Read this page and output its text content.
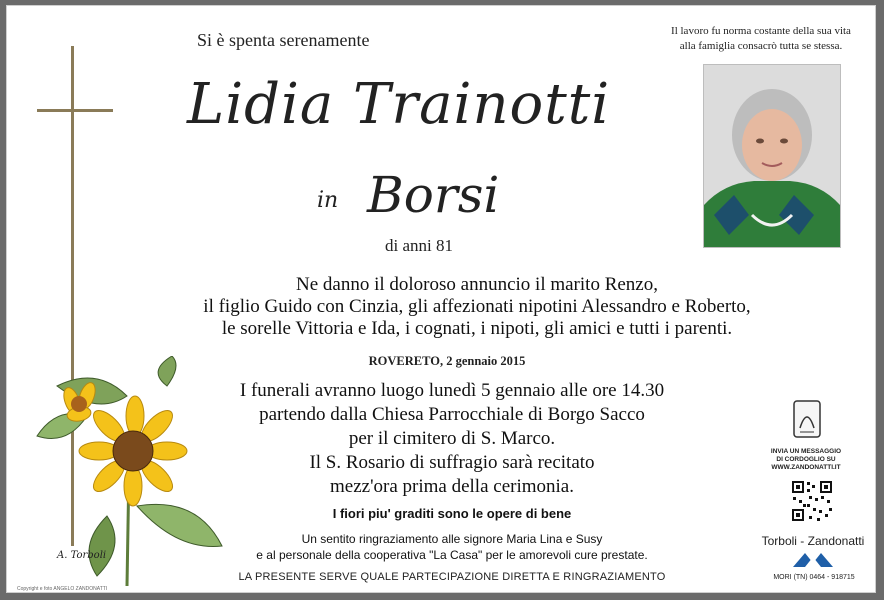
Si è spenta serenamente	Il lavoro fu norma costante della sua vita alla famiglia consacrò tutta se stessa.
Lidia Trainotti
in Borsi
di anni 81
Ne danno il doloroso annuncio il marito Renzo,
il figlio Guido con Cinzia, gli affezionati nipotini Alessandro e Roberto,
le sorelle Vittoria e Ida, i cognati, i nipoti, gli amici e tutti i parenti.
ROVERETO, 2 gennaio 2015
I funerali avranno luogo lunedì 5 gennaio alle ore 14.30
partendo dalla Chiesa Parrocchiale di Borgo Sacco
per il cimitero di S. Marco.
Il S. Rosario di suffragio sarà recitato
mezz'ora prima della cerimonia.
I fiori piu' graditi sono le opere di bene
Un sentito ringraziamento alle signore Maria Lina e Susy
e al personale della cooperativa "La Casa" per le amorevoli cure prestate.
LA PRESENTE SERVE QUALE PARTECIPAZIONE DIRETTA E RINGRAZIAMENTO
Copyright e foto ANGELO ZANDONATTI
A. Torboli
INVIA UN MESSAGGIO
DI CORDOGLIO SU
WWW.ZANDONATTI.IT
Torboli - Zandonatti
MORI (TN) 0464 - 918715
